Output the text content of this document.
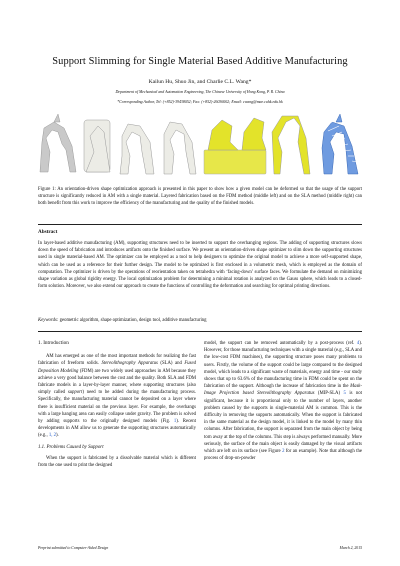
Support Slimming for Single Material Based Additive Manufacturing
Kailun Hu, Shuo Jin, and Charlie C.L. Wang*
Department of Mechanical and Automation Engineering, The Chinese University of Hong Kong, P. R. China
*Corresponding Author, Tel: (+852)-39438052; Fax: (+852)-26036002; Email: cwang@mae.cuhk.edu.hk
Figure 1: An orientation-driven shape optimization approach is presented in this paper to show how a given model can be deformed so that the usage of the support structure is significantly reduced in AM with a single material. Layered fabrication based on the FDM method (middle left) and on the SLA method (middle right) can both benefit from this work to improve the efficiency of the manufacturing and the quality of the finished models.
Abstract
In layer-based additive manufacturing (AM), supporting structures need to be inserted to support the overhanging regions. The adding of supporting structures slows down the speed of fabrication and introduces artifacts onto the finished surface. We present an orientation-driven shape optimizer to slim down the supporting structures used in single material-based AM. The optimizer can be employed as a tool to help designers to optimize the original model to achieve a more self-supported shape, which can be used as a reference for their further design. The model to be optimized is first enclosed in a volumetric mesh, which is employed as the domain of computation. The optimizer is driven by the operations of reorientation taken on tetrahedra with ‘facing-down’ surface faces. We formulate the demand on minimizing shape variation as global rigidity energy. The local optimization problem for determining a minimal rotation is analyzed on the Gauss sphere, which leads to a closed-form solution. Moreover, we also extend our approach to create the functions of controlling the deformation and searching for optimal printing directions.
Keywords: geometric algorithm, shape optimization, design tool, additive manufacturing
1. Introduction

AM has emerged as one of the most important methods for realizing the fast fabrication of freeform solids. Stereolithography Apparatus (SLA) and Fused Deposition Modeling (FDM) are two widely used approaches in AM because they achieve a very good balance between the cost and the quality. Both SLA and FDM fabricate models in a layer-by-layer manner, where supporting structures (also simply called support) need to be added during the manufacturing process. Specifically, the manufacturing material cannot be deposited on a layer where there is insufficient material on the previous layer. For example, the overhangs with a large hanging area can easily collapse under gravity. The problem is solved by adding supports to the originally designed models (Fig. 1). Recent developments in AM allow us to generate the supporting structures automatically (e.g., 1, 2).

1.1. Problems Caused by Support

When the support is fabricated by a dissolvable material which is different from the one used to print the designed

model, the support can be removed automatically by a post-process (ref. 4). However, for those manufacturing techniques with a single material (e.g., SLA and the low-cost FDM machines), the supporting structure poses many problems to users. Firstly, the volume of the support could be large compared to the designed model, which leads to a significant waste of materials, energy and time - our study shows that up to 63.6% of the manufacturing time in FDM could be spent on the fabrication of the support. Although the increase of fabrication time in the Mask-Image Projection based Stereolithography Apparatus (MIP-SLA) 5 is not significant, because it is proportional only to the number of layers, another problem caused by the supports in single-material AM is common. This is the difficulty in removing the supports automatically. When the support is fabricated in the same material as the design model, it is linked to the model by many thin columns. After fabrication, the support is separated from the main object by being torn away at the top of the columns. This step is always performed manually. More seriously, the surface of the main object is easily damaged by the visual artifacts which are left on its surface (see Figure 2 for an example). Note that although the process of drop-on-powder

Preprint submitted to Computer-Aided Design	March 2, 2015
